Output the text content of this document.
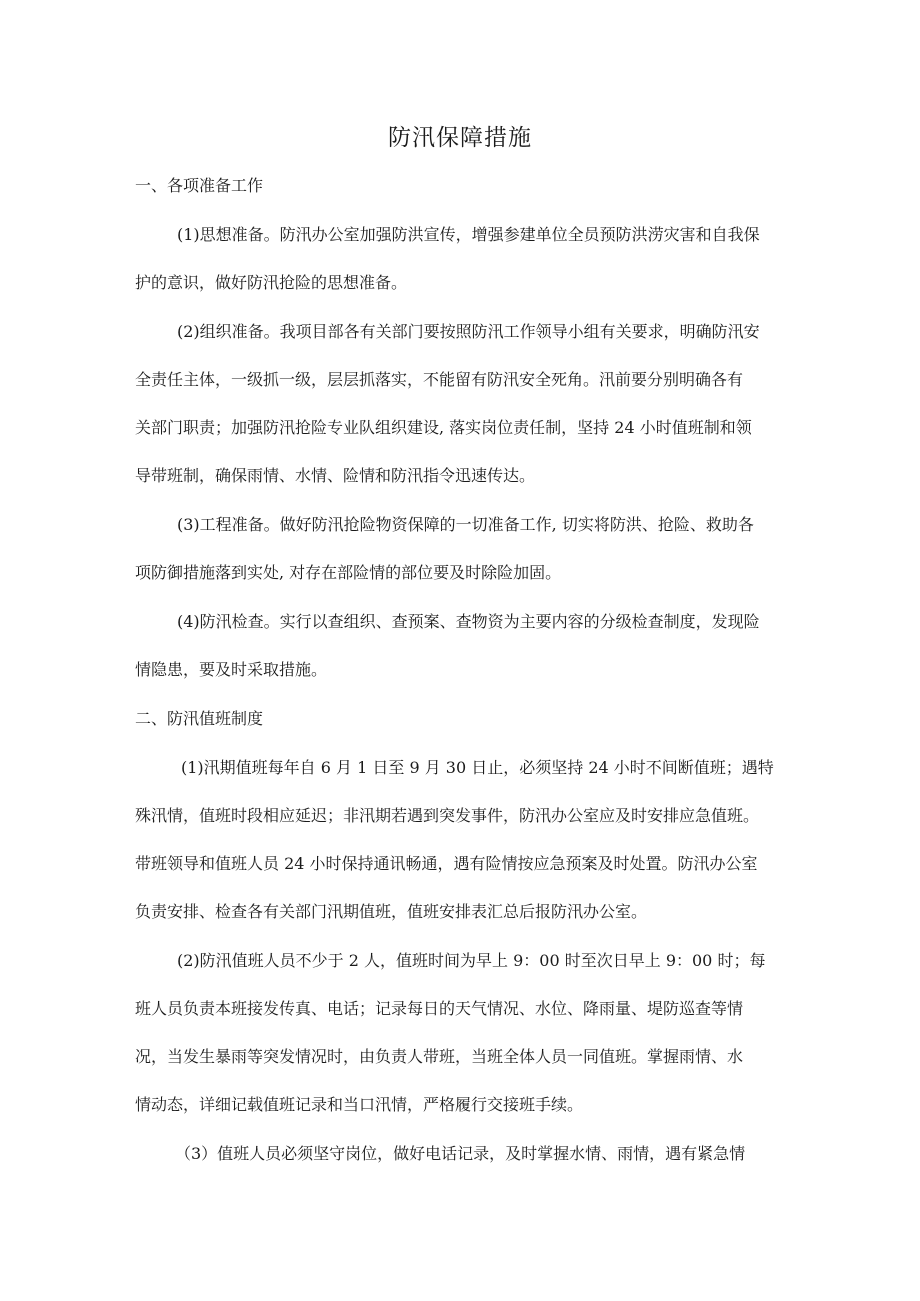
防汛保障措施
一、各项准备工作
(1)思想准备。防汛办公室加强防洪宣传，增强参建单位全员预防洪涝灾害和自我保
护的意识，做好防汛抢险的思想准备。
(2)组织准备。我项目部各有关部门要按照防汛工作领导小组有关要求，明确防汛安
全责任主体，一级抓一级，层层抓落实，不能留有防汛安全死角。汛前要分别明确各有
关部门职责；加强防汛抢险专业队组织建设, 落实岗位责任制，坚持 24 小时值班制和领
导带班制，确保雨情、水情、险情和防汛指令迅速传达。
(3)工程准备。做好防汛抢险物资保障的一切准备工作, 切实将防洪、抢险、救助各
项防御措施落到实处, 对存在部险情的部位要及时除险加固。
(4)防汛检查。实行以查组织、查预案、查物资为主要内容的分级检查制度，发现险
情隐患，要及时采取措施。
二、防汛值班制度
(1)汛期值班每年自 6 月 1 日至 9 月 30 日止，必须坚持 24 小时不间断值班；遇特
殊汛情，值班时段相应延迟；非汛期若遇到突发事件，防汛办公室应及时安排应急值班。
带班领导和值班人员 24 小时保持通讯畅通，遇有险情按应急预案及时处置。防汛办公室
负责安排、检查各有关部门汛期值班，值班安排表汇总后报防汛办公室。
(2)防汛值班人员不少于 2 人，值班时间为早上 9：00 时至次日早上 9：00 时；每
班人员负责本班接发传真、电话；记录每日的天气情况、水位、降雨量、堤防巡查等情
况，当发生暴雨等突发情况时，由负责人带班，当班全体人员一同值班。掌握雨情、水
情动态，详细记载值班记录和当口汛情，严格履行交接班手续。
（3）值班人员必须坚守岗位，做好电话记录，及时掌握水情、雨情，遇有紧急情
